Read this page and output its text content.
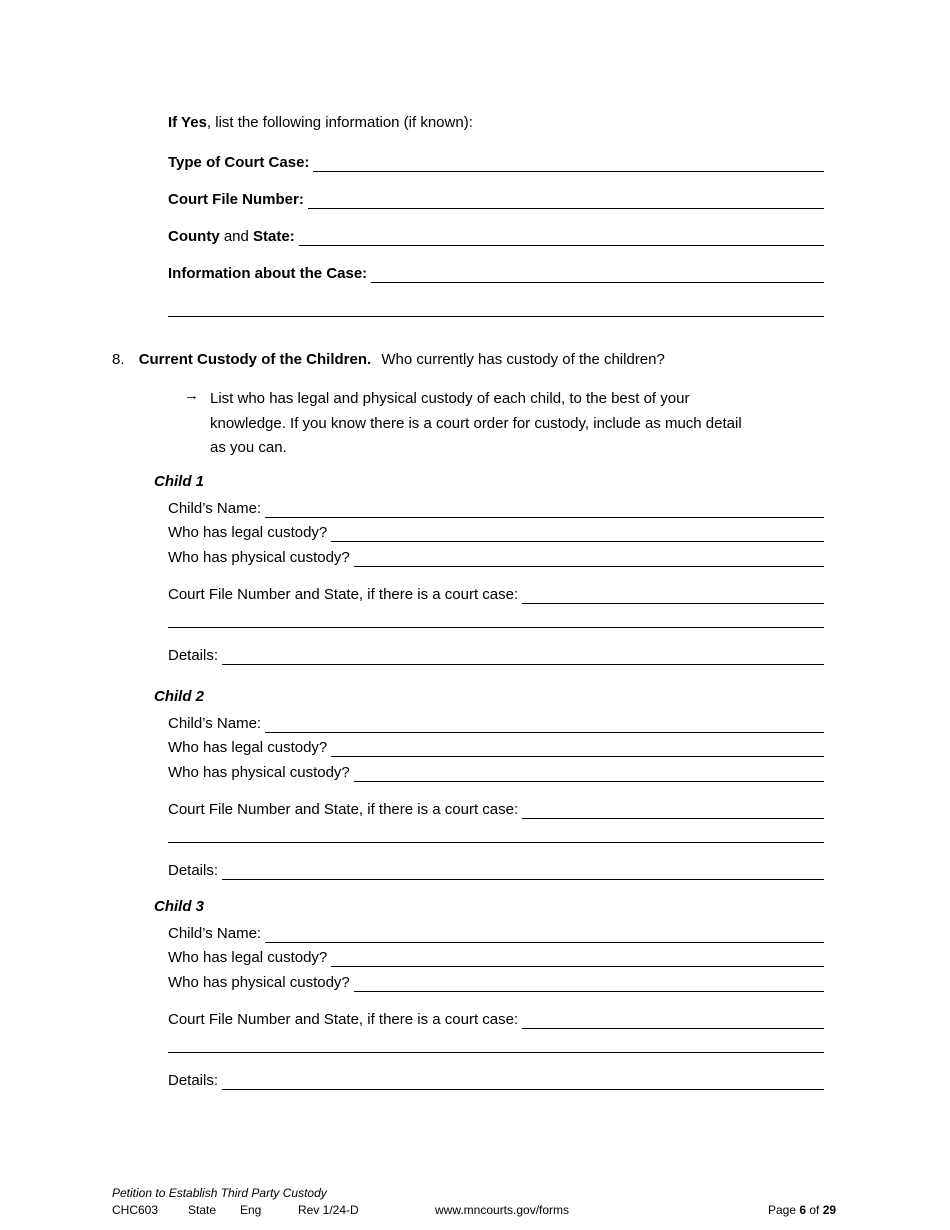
If Yes, list the following information (if known):
Type of Court Case:
Court File Number:
County and State:
Information about the Case:
8. Current Custody of the Children. Who currently has custody of the children?
→ List who has legal and physical custody of each child, to the best of your
knowledge. If you know there is a court order for custody, include as much detail
as you can.
Child 1
Child’s Name:
Who has legal custody?
Who has physical custody?
Court File Number and State, if there is a court case:
Details:
Child 2
Child’s Name:
Who has legal custody?
Who has physical custody?
Court File Number and State, if there is a court case:
Details:
Child 3
Child’s Name:
Who has legal custody?
Who has physical custody?
Court File Number and State, if there is a court case:
Details:
Petition to Establish Third Party Custody
CHC603 State Eng	Rev 1/24-D	www.mncourts.gov/forms	Page 6 of 29
